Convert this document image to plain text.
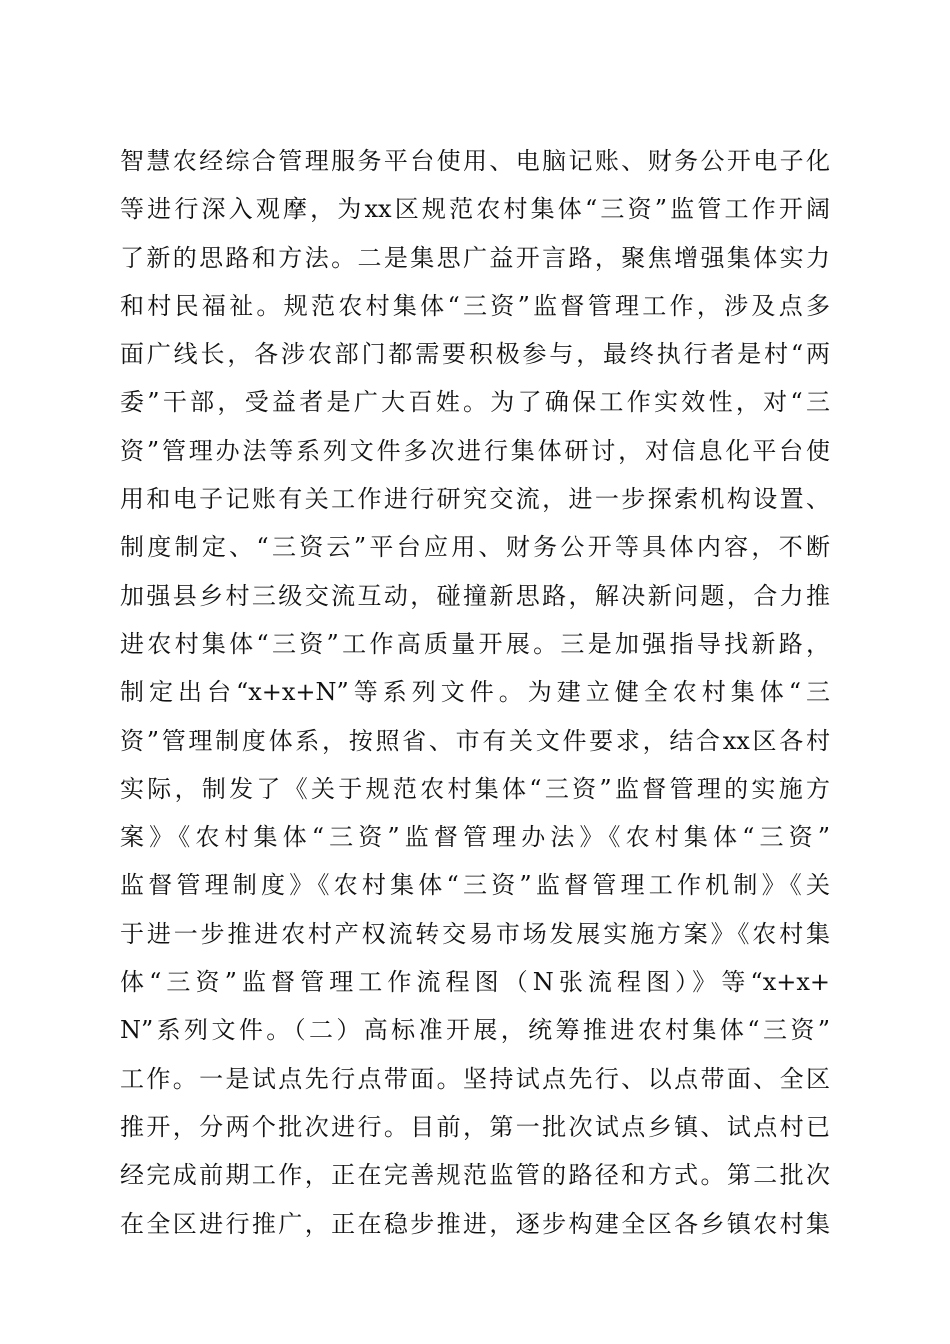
智慧农经综合管理服务平台使用、电脑记账、财务公开电子化
等进行深入观摩，为xx区规范农村集体“三资”监管工作开阔
了新的思路和方法。二是集思广益开言路，聚焦增强集体实力
和村民福祉。规范农村集体“三资”监督管理工作，涉及点多
面广线长，各涉农部门都需要积极参与，最终执行者是村“两
委”干部，受益者是广大百姓。为了确保工作实效性，对“三
资”管理办法等系列文件多次进行集体研讨，对信息化平台使
用和电子记账有关工作进行研究交流，进一步探索机构设置、
制度制定、“三资云”平台应用、财务公开等具体内容，不断
加强县乡村三级交流互动，碰撞新思路，解决新问题，合力推
进农村集体“三资”工作高质量开展。三是加强指导找新路，
制定出台“x+x+N”等系列文件。为建立健全农村集体“三
资”管理制度体系，按照省、市有关文件要求，结合xx区各村
实际，制发了《关于规范农村集体“三资”监督管理的实施方
案》《农村集体“三资”监督管理办法》《农村集体“三资”
监督管理制度》《农村集体“三资”监督管理工作机制》《关
于进一步推进农村产权流转交易市场发展实施方案》《农村集
体“三资”监督管理工作流程图（N张流程图）》等“x+x+
N”系列文件。（二）高标准开展，统筹推进农村集体“三资”
工作。一是试点先行点带面。坚持试点先行、以点带面、全区
推开，分两个批次进行。目前，第一批次试点乡镇、试点村已
经完成前期工作，正在完善规范监管的路径和方式。第二批次
在全区进行推广，正在稳步推进，逐步构建全区各乡镇农村集
